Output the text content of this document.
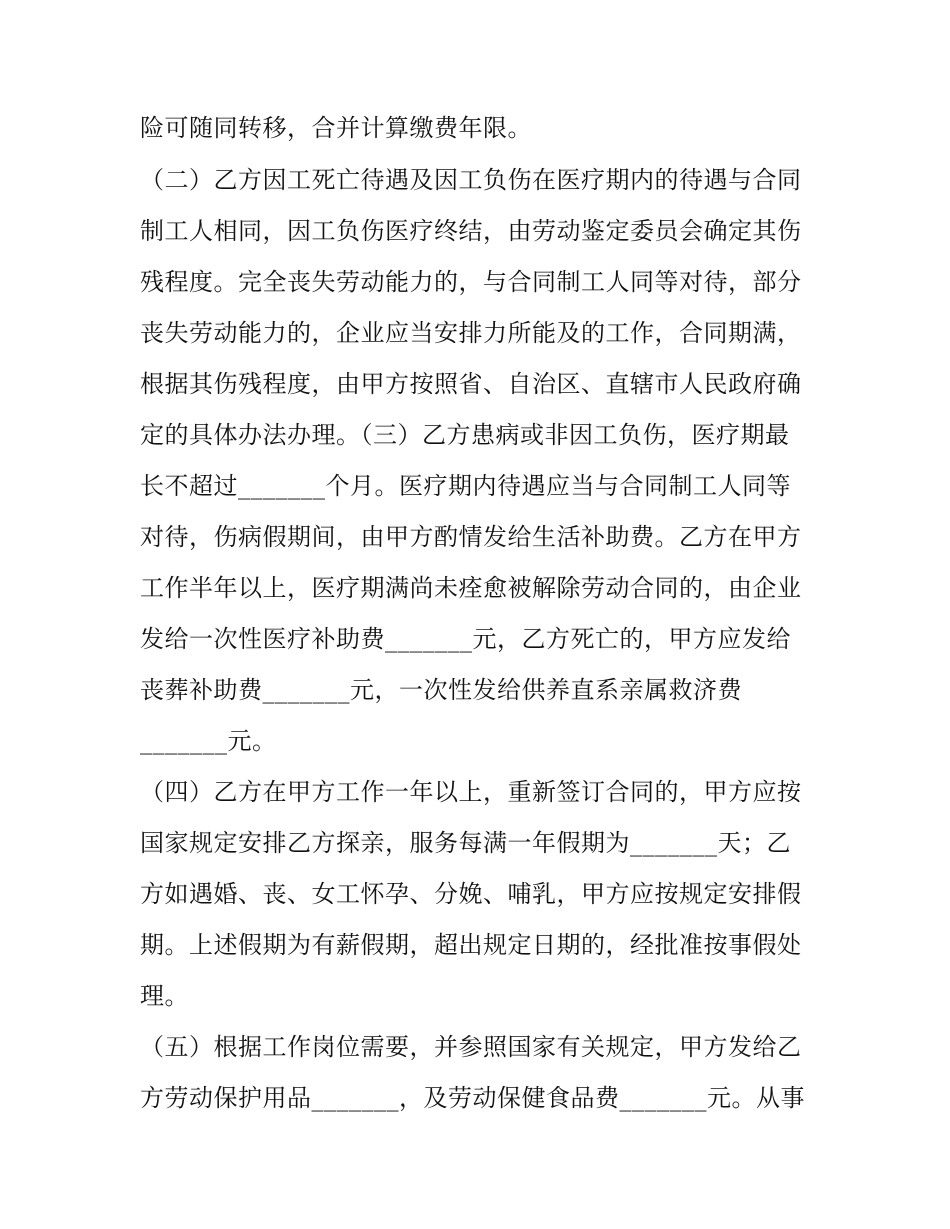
险可随同转移，合并计算缴费年限。
（二）乙方因工死亡待遇及因工负伤在医疗期内的待遇与合同
制工人相同，因工负伤医疗终结，由劳动鉴定委员会确定其伤
残程度。完全丧失劳动能力的，与合同制工人同等对待，部分
丧失劳动能力的，企业应当安排力所能及的工作，合同期满，
根据其伤残程度，由甲方按照省、自治区、直辖市人民政府确
定的具体办法办理。（三）乙方患病或非因工负伤，医疗期最
长不超过_______个月。医疗期内待遇应当与合同制工人同等
对待，伤病假期间，由甲方酌情发给生活补助费。乙方在甲方
工作半年以上，医疗期满尚未痊愈被解除劳动合同的，由企业
发给一次性医疗补助费_______元，乙方死亡的，甲方应发给
丧葬补助费_______元，一次性发给供养直系亲属救济费
_______元。
（四）乙方在甲方工作一年以上，重新签订合同的，甲方应按
国家规定安排乙方探亲，服务每满一年假期为_______天；乙
方如遇婚、丧、女工怀孕、分娩、哺乳，甲方应按规定安排假
期。上述假期为有薪假期，超出规定日期的，经批准按事假处
理。
（五）根据工作岗位需要，并参照国家有关规定，甲方发给乙
方劳动保护用品_______，及劳动保健食品费_______元。从事
